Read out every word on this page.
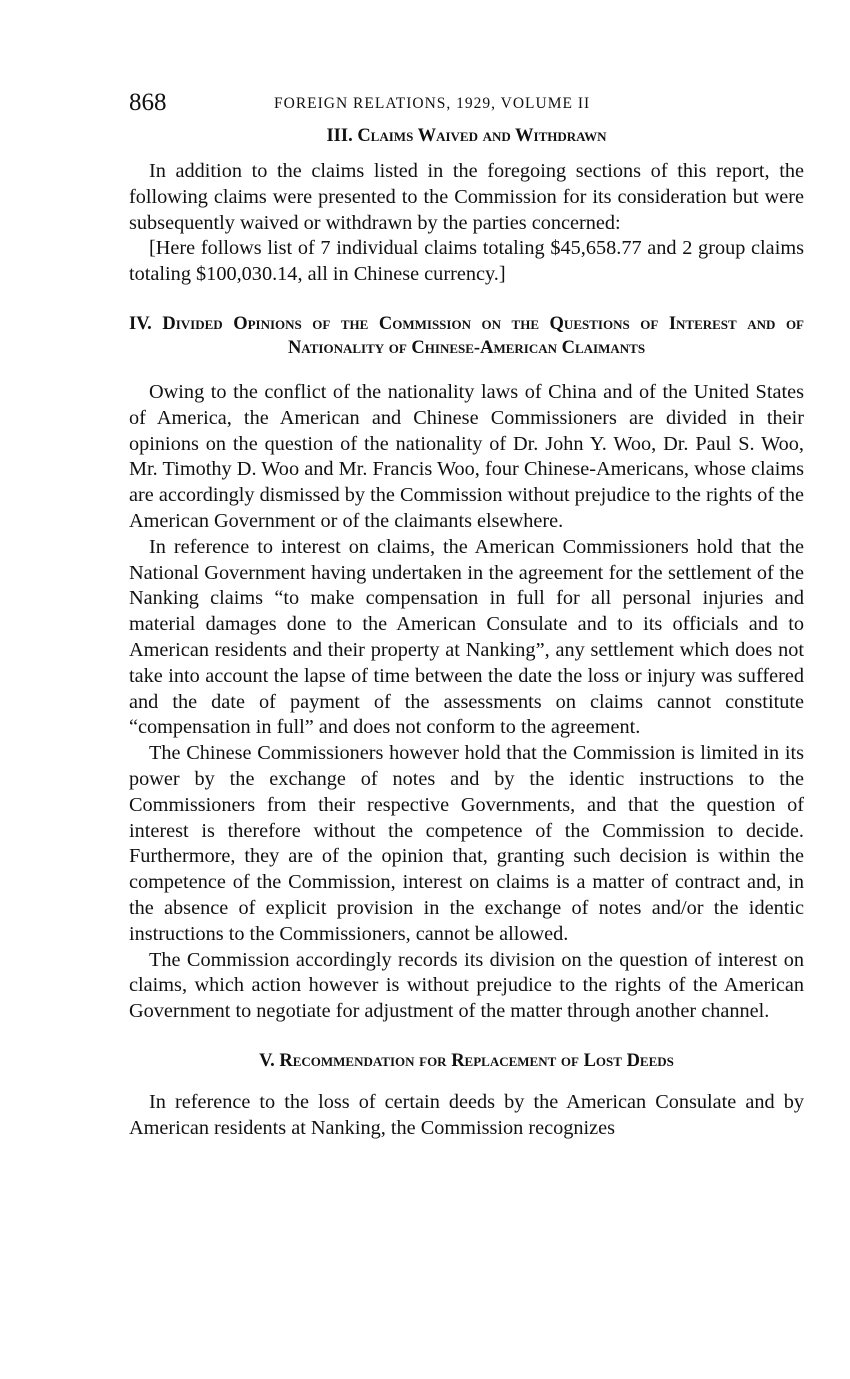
868	FOREIGN RELATIONS, 1929, VOLUME II
III. Claims Waived and Withdrawn

In addition to the claims listed in the foregoing sections of this report, the following claims were presented to the Commission for its consideration but were subsequently waived or withdrawn by the parties concerned:

[Here follows list of 7 individual claims totaling $45,658.77 and 2 group claims totaling $100,030.14, all in Chinese currency.]

IV. Divided Opinions of the Commission on the Questions of Interest and of Nationality of Chinese-American Claimants

Owing to the conflict of the nationality laws of China and of the United States of America, the American and Chinese Commissioners are divided in their opinions on the question of the nationality of Dr. John Y. Woo, Dr. Paul S. Woo, Mr. Timothy D. Woo and Mr. Francis Woo, four Chinese-Americans, whose claims are accordingly dismissed by the Commission without prejudice to the rights of the American Government or of the claimants elsewhere.

In reference to interest on claims, the American Commissioners hold that the National Government having undertaken in the agreement for the settlement of the Nanking claims “to make compensation in full for all personal injuries and material damages done to the American Consulate and to its officials and to American residents and their property at Nanking”, any settlement which does not take into account the lapse of time between the date the loss or injury was suffered and the date of payment of the assessments on claims cannot constitute “compensation in full” and does not conform to the agreement.

The Chinese Commissioners however hold that the Commission is limited in its power by the exchange of notes and by the identic instructions to the Commissioners from their respective Governments, and that the question of interest is therefore without the competence of the Commission to decide. Furthermore, they are of the opinion that, granting such decision is within the competence of the Commission, interest on claims is a matter of contract and, in the absence of explicit provision in the exchange of notes and/or the identic instructions to the Commissioners, cannot be allowed.

The Commission accordingly records its division on the question of interest on claims, which action however is without prejudice to the rights of the American Government to negotiate for adjustment of the matter through another channel.

V. Recommendation for Replacement of Lost Deeds

In reference to the loss of certain deeds by the American Consulate and by American residents at Nanking, the Commission recognizes
